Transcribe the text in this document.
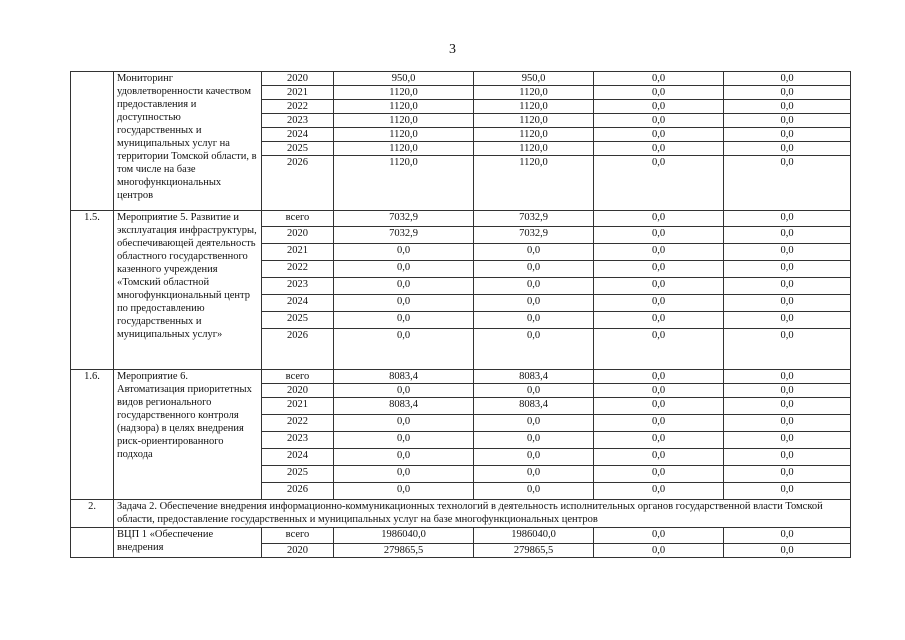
3
	Мониторинг удовлетворенности качеством предоставления и доступностью государственных и муниципальных услуг на территории Томской области, в том числе на базе многофункциональных центров	2020	950,0	950,0	0,0	0,0
		2021	1120,0	1120,0	0,0	0,0
		2022	1120,0	1120,0	0,0	0,0
		2023	1120,0	1120,0	0,0	0,0
		2024	1120,0	1120,0	0,0	0,0
		2025	1120,0	1120,0	0,0	0,0
		2026	1120,0	1120,0	0,0	0,0
1.5.	Мероприятие 5. Развитие и эксплуатация инфраструктуры, обеспечивающей деятельность областного государственного казенного учреждения «Томский областной многофункциональный центр по предоставлению государственных и муниципальных услуг»	всего	7032,9	7032,9	0,0	0,0
		2020	7032,9	7032,9	0,0	0,0
		2021	0,0	0,0	0,0	0,0
		2022	0,0	0,0	0,0	0,0
		2023	0,0	0,0	0,0	0,0
		2024	0,0	0,0	0,0	0,0
		2025	0,0	0,0	0,0	0,0
		2026	0,0	0,0	0,0	0,0
1.6.	Мероприятие 6. Автоматизация приоритетных видов регионального государственного контроля (надзора) в целях внедрения риск-ориентированного подхода	всего	8083,4	8083,4	0,0	0,0
		2020	0,0	0,0	0,0	0,0
		2021	8083,4	8083,4	0,0	0,0
		2022	0,0	0,0	0,0	0,0
		2023	0,0	0,0	0,0	0,0
		2024	0,0	0,0	0,0	0,0
		2025	0,0	0,0	0,0	0,0
		2026	0,0	0,0	0,0	0,0
2.	Задача 2. Обеспечение внедрения информационно-коммуникационных технологий в деятельность исполнительных органов государственной власти Томской области, предоставление государственных и муниципальных услуг на базе многофункциональных центров					
	ВЦП 1 «Обеспечение внедрения	всего	1986040,0	1986040,0	0,0	0,0
		2020	279865,5	279865,5	0,0	0,0
